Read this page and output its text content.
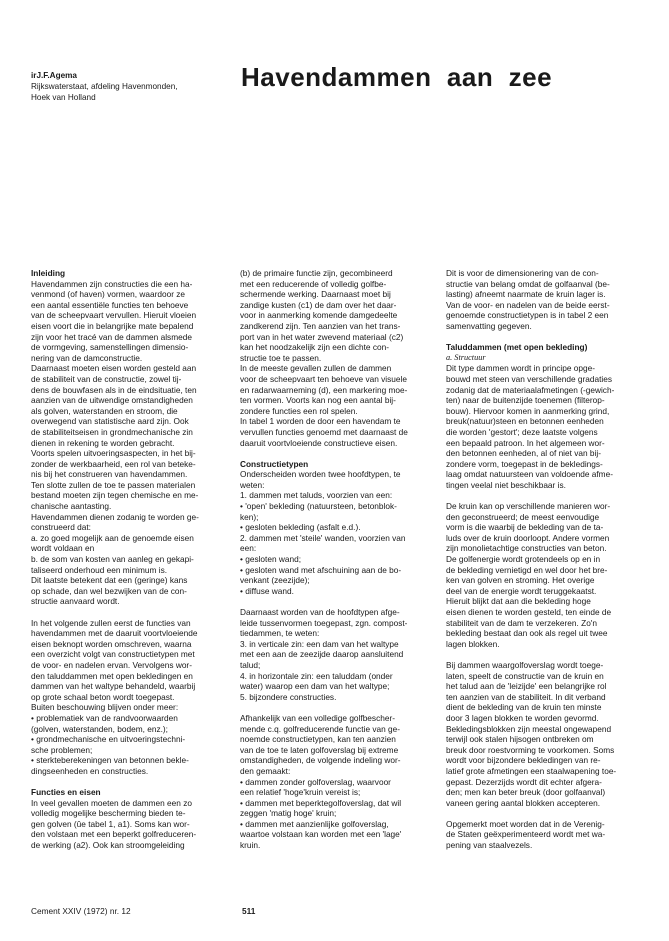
irJ.F.Agema
Rijkswaterstaat, afdeling Havenmonden,
Hoek van Holland
Havendammen  aan  zee

Inleiding

Havendammen zijn constructies die een ha-

venmond (of haven) vormen, waardoor ze

een aantal essentiële functies ten behoeve

van de scheepvaart vervullen. Hieruit vloeien

eisen voort die in belangrijke mate bepalend

zijn voor het tracé van de dammen alsmede

de vormgeving, samenstellingen dimensio-

nering van de damconstructie.

Daarnaast moeten eisen worden gesteld aan

de stabiliteit van de constructie, zowel tij-

dens de bouwfasen als in de eindsituatie, ten

aanzien van de uitwendige omstandigheden

als golven, waterstanden en stroom, die

overwegend van statistische aard zijn. Ook

de stabiliteitseisen in grondmechanische zin

dienen in rekening te worden gebracht.

Voorts spelen uitvoeringsaspecten, in het bij-

zonder de werkbaarheid, een rol van beteke-

nis bij het construeren van havendammen.

Ten slotte zullen de toe te passen materialen

bestand moeten zijn tegen chemische en me-

chanische aantasting.

Havendammen dienen zodanig te worden ge-

construeerd dat:

a. zo goed mogelijk aan de genoemde eisen

wordt voldaan en

b. de som van kosten van aanleg en gekapi-

taliseerd onderhoud een minimum is.

Dit laatste betekent dat een (geringe) kans

op schade, dan wel bezwijken van de con-

structie aanvaard wordt.

In het volgende zullen eerst de functies van

havendammen met de daaruit voortvloeiende

eisen beknopt worden omschreven, waarna

een overzicht volgt van constructietypen met

de voor- en nadelen ervan. Vervolgens wor-

den taluddammen met open bekledingen en

dammen van het waltype behandeld, waarbij

op grote schaal beton wordt toegepast.

Buiten beschouwing blijven onder meer:

• problematiek van de randvoorwaarden

(golven, waterstanden, bodem, enz.);

• grondmechanische en uitvoeringstechni-

sche problemen;

• sterkteberekeningen van betonnen bekle-

dingseenheden en constructies.

Functies en eisen

In veel gevallen moeten de dammen een zo

volledig mogelijke bescherming bieden te-

gen golven (ûe tabel 1, a1). Soms kan wor-

den volstaan met een beperkt golfreduceren-

de werking (a2). Ook kan stroomgeleiding

(b) de primaire functie zijn, gecombineerd

met een reducerende of volledig golfbe-

schermende werking. Daarnaast moet bij

zandige kusten (c1) de dam over het daar-

voor in aanmerking komende damgedeelte

zandkerend zijn. Ten aanzien van het trans-

port van in het water zwevend materiaal (c2)

kan het noodzakelijk zijn een dichte con-

structie toe te passen.

In de meeste gevallen zullen de dammen

voor de scheepvaart ten behoeve van visuele

en radarwaarneming (d), een markering moe-

ten vormen. Voorts kan nog een aantal bij-

zondere functies een rol spelen.

In tabel 1 worden de door een havendam te

vervullen functies genoemd met daarnaast de

daaruit voortvloeiende constructieve eisen.

Constructietypen

Onderscheiden worden twee hoofdtypen, te

weten:

1. dammen met taluds, voorzien van een:

• 'open' bekleding (natuursteen, betonblok-

ken);

• gesloten bekleding (asfalt e.d.).

2. dammen met 'steile' wanden, voorzien van

een:

• gesloten wand;

• gesloten wand met afschuining aan de bo-

venkant (zeezijde);

• diffuse wand.

Daarnaast worden van de hoofdtypen afge-

leide tussenvormen toegepast, zgn. compost-

tiedammen, te weten:

3. in verticale zin: een dam van het waltype

met een aan de zeezijde daarop aansluitend

talud;

4. in horizontale zin: een taluddam (onder

water) waarop een dam van het waltype;

5. bijzondere constructies.

Afhankelijk van een volledige golfbescher-

mende c.q. golfreducerende functie van ge-

noemde constructietypen, kan ten aanzien

van de toe te laten golfoverslag bij extreme

omstandigheden, de volgende indeling wor-

den gemaakt:

• dammen zonder golfoverslag, waarvoor

een relatief 'hoge'kruin vereist is;

• dammen met beperktegolfoverslag, dat wil

zeggen 'matig hoge' kruin;

• dammen met aanzienlijke golfoverslag,

waartoe volstaan kan worden met een 'lage'

kruin.

Dit is voor de dimensionering van de con-

structie van belang omdat de golfaanval (be-

lasting) afneemt naarmate de kruin lager is.

Van de voor- en nadelen van de beide eerst-

genoemde constructietypen is in tabel 2 een

samenvatting gegeven.

Taluddammen (met open bekleding)

a. Structuur

Dit type dammen wordt in principe opge-

bouwd met steen van verschillende gradaties

zodanig dat de materiaalafmetingen (-gewich-

ten) naar de buitenzijde toenemen (filterop-

bouw). Hiervoor komen in aanmerking grind,

breuk(natuur)steen en betonnen eenheden

die worden 'gestort'; deze laatste volgens

een bepaald patroon. In het algemeen wor-

den betonnen eenheden, al of niet van bij-

zondere vorm, toegepast in de bekledings-

laag omdat natuursteen van voldoende afme-

tingen veelal niet beschikbaar is.

De kruin kan op verschillende manieren wor-

den geconstrueerd; de meest eenvoudige

vorm is die waarbij de bekleding van de ta-

luds over de kruin doorloopt. Andere vormen

zijn monolietachtige constructies van beton.

De golfenergie wordt grotendeels op en in

de bekleding vernietigd en wel door het bre-

ken van golven en stroming. Het overige

deel van de energie wordt teruggekaatst.

Hieruit blijkt dat aan die bekleding hoge

eisen dienen te worden gesteld, ten einde de

stabiliteit van de dam te verzekeren. Zo'n

bekleding bestaat dan ook als regel uit twee

lagen blokken.

Bij dammen waargolfoverslag wordt toege-

laten, speelt de constructie van de kruin en

het talud aan de 'leizijde' een belangrijke rol

ten aanzien van de stabiliteit. In dit verband

dient de bekleding van de kruin ten minste

door 3 lagen blokken te worden gevormd.

Bekledingsblokken zijn meestal ongewapend

terwijl ook stalen hijsogen ontbreken om

breuk door roestvorming te voorkomen. Soms

wordt voor bijzondere bekledingen van re-

latief grote afmetingen een staalwapening toe-

gepast. Dezerzijds wordt dit echter afgera-

den; men kan beter breuk (door golfaanval)

vaneen gering aantal blokken accepteren.

Opgemerkt moet worden dat in de Verenig-

de Staten geëxperimenteerd wordt met wa-

pening van staalvezels.

Cement XXIV (1972) nr. 12	511
